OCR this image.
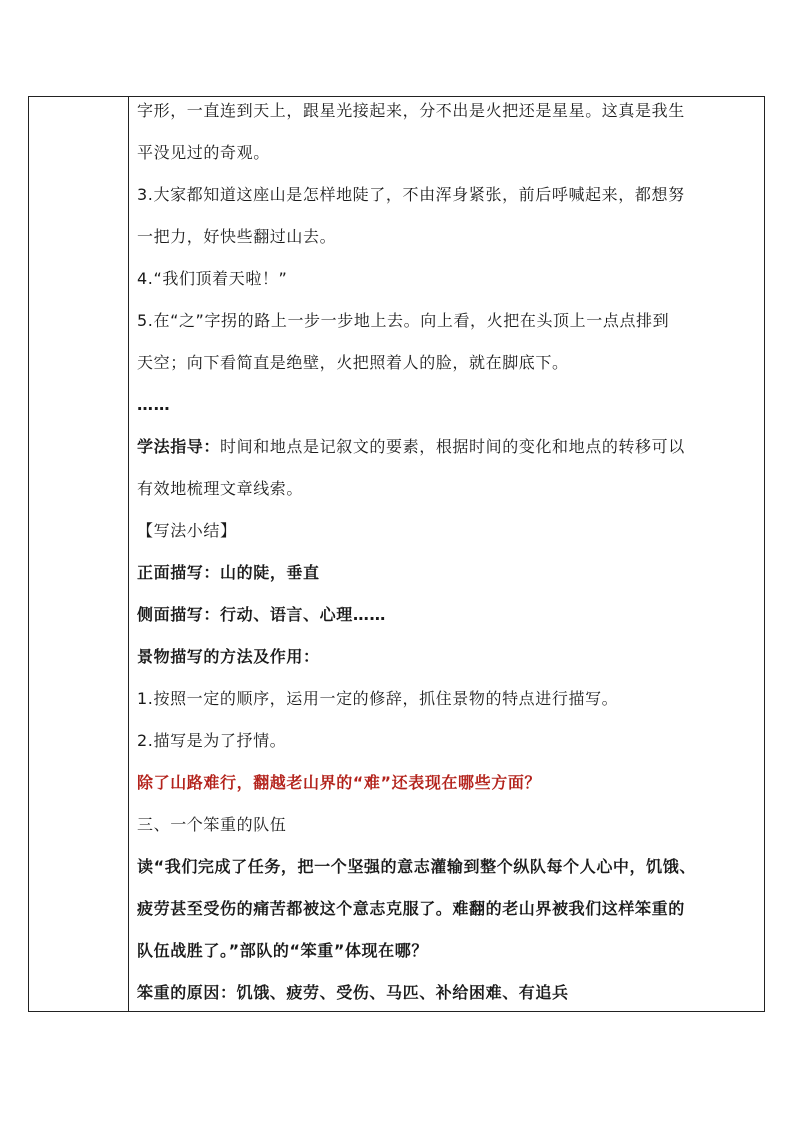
字形，一直连到天上，跟星光接起来，分不出是火把还是星星。这真是我生

平没见过的奇观。

3.大家都知道这座山是怎样地陡了，不由浑身紧张，前后呼喊起来，都想努

一把力，好快些翻过山去。

4.“我们顶着天啦！”

5.在“之”字拐的路上一步一步地上去。向上看，火把在头顶上一点点排到

天空；向下看简直是绝壁，火把照着人的脸，就在脚底下。

……

学法指导：时间和地点是记叙文的要素，根据时间的变化和地点的转移可以

有效地梳理文章线索。

【写法小结】

正面描写：山的陡，垂直

侧面描写：行动、语言、心理……

景物描写的方法及作用：

1.按照一定的顺序，运用一定的修辞，抓住景物的特点进行描写。

2.描写是为了抒情。

除了山路难行，翻越老山界的“难”还表现在哪些方面？

三、一个笨重的队伍

读“我们完成了任务，把一个坚强的意志灌输到整个纵队每个人心中，饥饿、

疲劳甚至受伤的痛苦都被这个意志克服了。难翻的老山界被我们这样笨重的

队伍战胜了。”部队的“笨重”体现在哪？

笨重的原因：饥饿、疲劳、受伤、马匹、补给困难、有追兵
